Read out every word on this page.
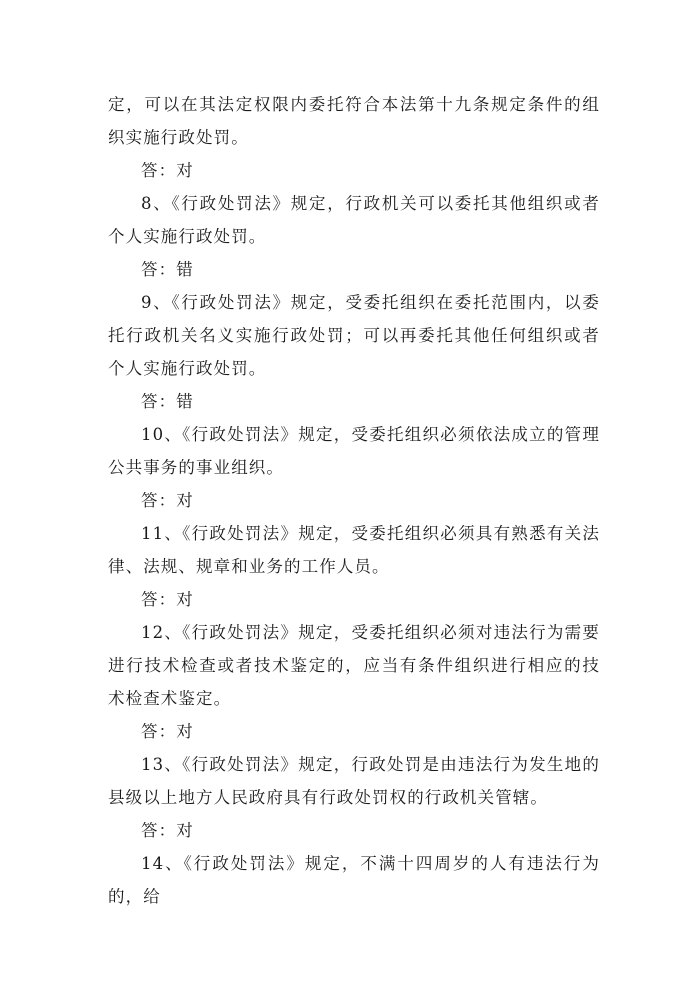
定，可以在其法定权限内委托符合本法第十九条规定条件的组织实施行政处罚。

答：对

8、《行政处罚法》规定，行政机关可以委托其他组织或者个人实施行政处罚。

答：错

9、《行政处罚法》规定，受委托组织在委托范围内，以委托行政机关名义实施行政处罚；可以再委托其他任何组织或者个人实施行政处罚。

答：错

10、《行政处罚法》规定，受委托组织必须依法成立的管理公共事务的事业组织。

答：对

11、《行政处罚法》规定，受委托组织必须具有熟悉有关法律、法规、规章和业务的工作人员。

答：对

12、《行政处罚法》规定，受委托组织必须对违法行为需要进行技术检查或者技术鉴定的，应当有条件组织进行相应的技术检查术鉴定。

答：对

13、《行政处罚法》规定，行政处罚是由违法行为发生地的县级以上地方人民政府具有行政处罚权的行政机关管辖。

答：对

14、《行政处罚法》规定，不满十四周岁的人有违法行为的，给
